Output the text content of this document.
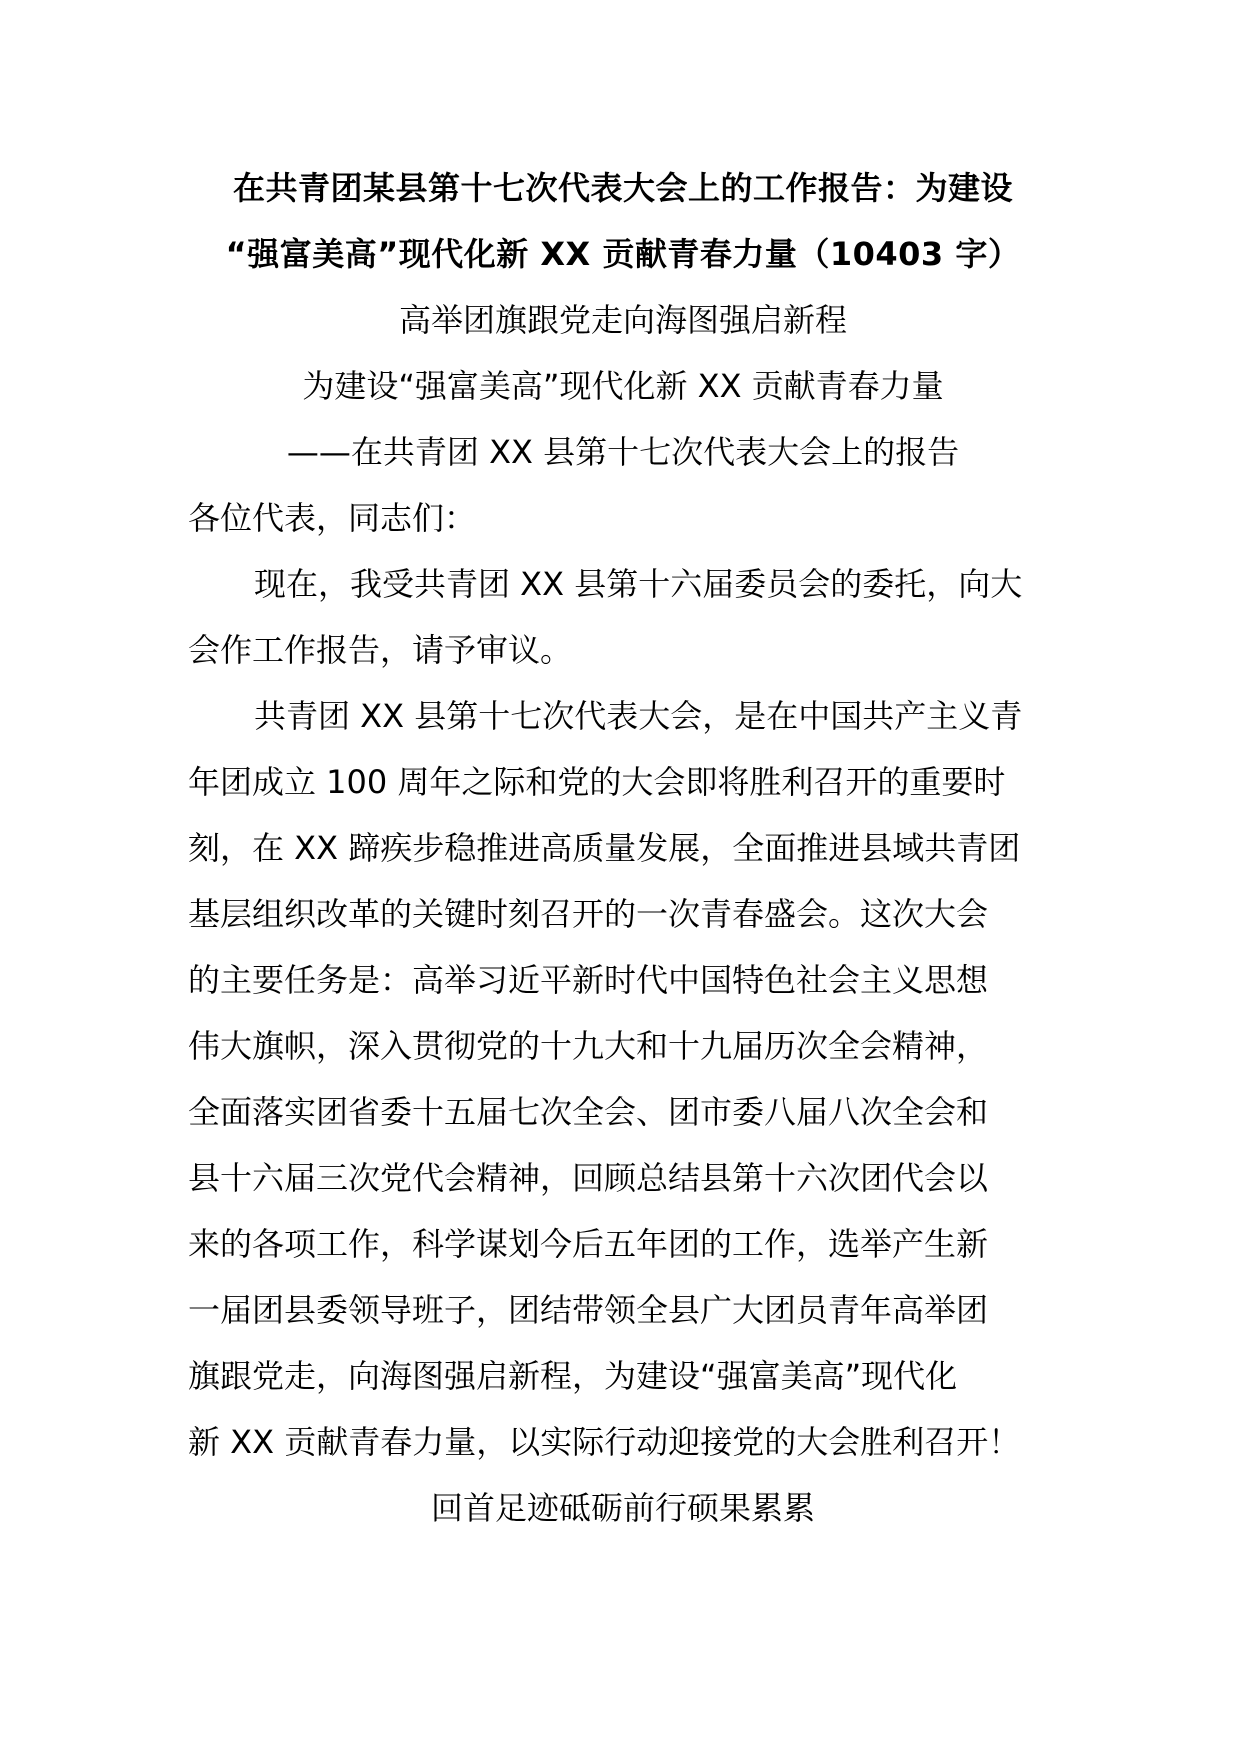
在共青团某县第十七次代表大会上的工作报告：为建设
“强富美高”现代化新 XX 贡献青春力量（10403 字）

高举团旗跟党走向海图强启新程

为建设“强富美高”现代化新 XX 贡献青春力量

——在共青团 XX 县第十七次代表大会上的报告

各位代表，同志们：

现在，我受共青团 XX 县第十六届委员会的委托，向大
会作工作报告，请予审议。
共青团 XX 县第十七次代表大会，是在中国共产主义青
年团成立 100 周年之际和党的大会即将胜利召开的重要时
刻，在 XX 蹄疾步稳推进高质量发展，全面推进县域共青团
基层组织改革的关键时刻召开的一次青春盛会。这次大会
的主要任务是：高举习近平新时代中国特色社会主义思想
伟大旗帜，深入贯彻党的十九大和十九届历次全会精神，
全面落实团省委十五届七次全会、团市委八届八次全会和
县十六届三次党代会精神，回顾总结县第十六次团代会以
来的各项工作，科学谋划今后五年团的工作，选举产生新
一届团县委领导班子，团结带领全县广大团员青年高举团
旗跟党走，向海图强启新程，为建设“强富美高”现代化
新 XX 贡献青春力量，以实际行动迎接党的大会胜利召开！

回首足迹砥砺前行硕果累累
